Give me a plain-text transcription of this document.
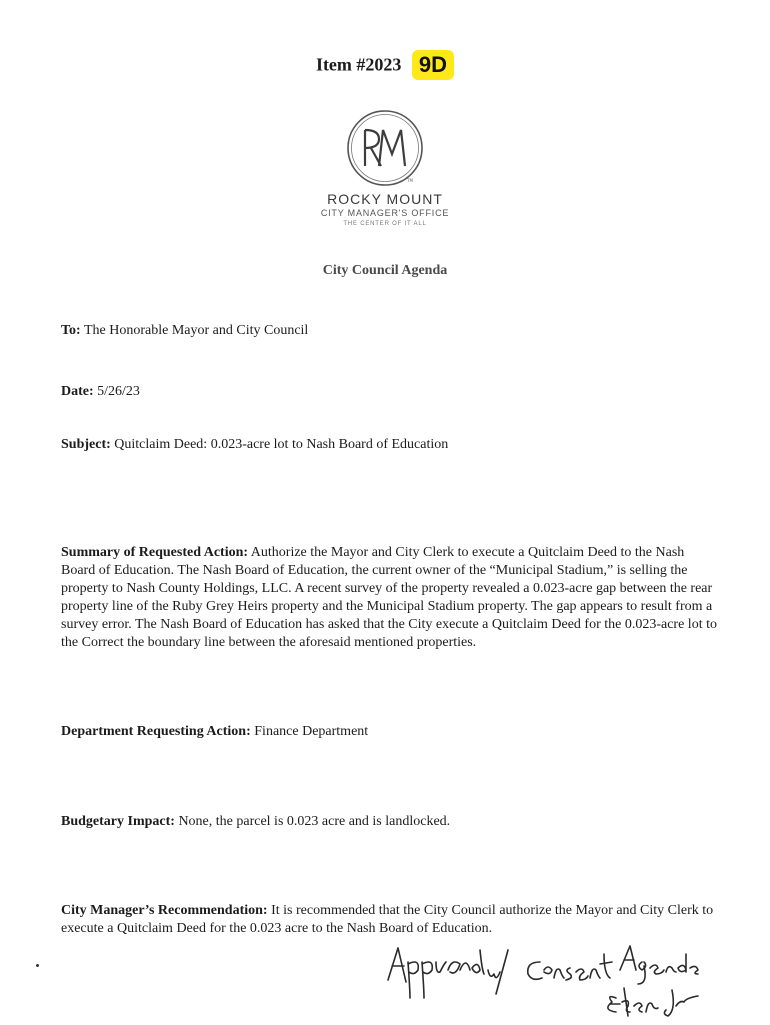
Item #2023 9D
TM
ROCKY MOUNT
CITY MANAGER'S OFFICE
THE CENTER OF IT ALL
City Council Agenda
To: The Honorable Mayor and City Council
Date: 5/26/23
Subject: Quitclaim Deed: 0.023-acre lot to Nash Board of Education
Summary of Requested Action: Authorize the Mayor and City Clerk to execute a Quitclaim Deed to the Nash Board of Education. The Nash Board of Education, the current owner of the “Municipal Stadium,” is selling the property to Nash County Holdings, LLC. A recent survey of the property revealed a 0.023-acre gap between the rear property line of the Ruby Grey Heirs property and the Municipal Stadium property. The gap appears to result from a survey error. The Nash Board of Education has asked that the City execute a Quitclaim Deed for the 0.023-acre lot to the Correct the boundary line between the aforesaid mentioned properties.
Department Requesting Action: Finance Department
Budgetary Impact: None, the parcel is 0.023 acre and is landlocked.
City Manager’s Recommendation: It is recommended that the City Council authorize the Mayor and City Clerk to execute a Quitclaim Deed for the 0.023 acre to the Nash Board of Education.
